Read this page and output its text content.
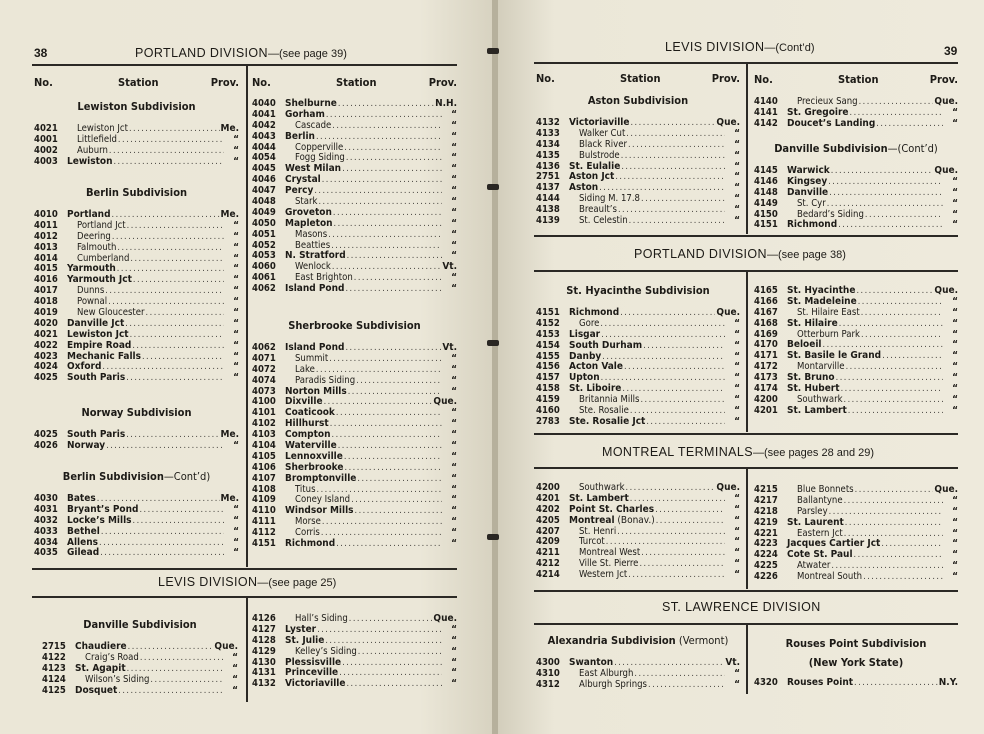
38	PORTLAND DIVISION—(see page 39)
No.	Station	Prov.
Lewiston Subdivision
4021	Lewiston Jct .....	Me.
4001	Littlefield .....	“
4002	Auburn .....	“
4003 Lewiston .....	“
Berlin Subdivision
4010 Portland .....	Me.
4011	Portland Jct .....	“
4012	Deering .....	“
4013	Falmouth .....	“
4014	Cumberland .....	“
4015 Yarmouth .....	“
4016 Yarmouth Jct .....	“
4017	Dunns .....	“
4018	Pownal .....	“
4019	New Gloucester .....	“
4020 Danville Jct .....	“
4021 Lewiston Jct .....	“
4022 Empire Road .....	“
4023 Mechanic Falls .....	“
4024 Oxford .....	“
4025 South Paris .....	“
Norway Subdivision
4025 South Paris .....	Me.
4026 Norway .....	“
Berlin Subdivision—Cont’d)
4030 Bates .....	Me.
4031 Bryant’s Pond .....	“
4032 Locke’s Mills .....	“
4033 Bethel .....	“
4034 Allens .....	“
4035 Gilead .....	“
No.	Station	Prov.
4040 Shelburne .....	N.H.
4041 Gorham .....	“
4042	Cascade .....	“
4043 Berlin .....	“
4044	Copperville .....	“
4054	Fogg Siding .....	“
4045 West Milan .....	“
4046 Crystal .....	“
4047 Percy .....	“
4048	Stark .....	“
4049 Groveton .....	“
4050 Mapleton .....	“
4051	Masons .....	“
4052	Beatties .....	“
4053 N. Stratford .....	“
4060	Wenlock .....	Vt.
4061	East Brighton .....	“
4062 Island Pond .....	“
Sherbrooke Subdivision
4062 Island Pond .....	Vt.
4071	Summit .....	“
4072	Lake .....	“
4074	Paradis Siding .....	“
4073 Norton Mills .....	“
4100 Dixville .....	Que.
4101 Coaticook .....	“
4102 Hillhurst .....	“
4103 Compton .....	“
4104 Waterville .....	“
4105 Lennoxville .....	“
4106 Sherbrooke .....	“
4107 Bromptonville .....	“
4108	Titus .....	“
4109	Coney Island .....	“
4110 Windsor Mills .....	“
4111	Morse .....	“
4112	Corris .....	“
4151 Richmond .....	“
LEVIS DIVISION—(see page 25)
Danville Subdivision
2715 Chaudiere .....	Que.
4122	Craig’s Road .....	“
4123 St. Agapit .....	“
4124	Wilson’s Siding .....	“
4125 Dosquet .....	“
4126	Hall’s Siding .....	Que.
4127 Lyster .....	“
4128 St. Julie .....	“
4129	Kelley’s Siding .....	“
4130 Plessisville .....	“
4131 Princeville .....	“
4132 Victoriaville .....	“
LEVIS DIVISION—(Cont’d)	39
No.	Station	Prov.
Aston Subdivision
4132 Victoriaville .....	Que.
4133	Walker Cut .....	“
4134	Black River .....	“
4135	Bulstrode .....	“
4136 St. Eulalie .....	“
2751 Aston Jct .....	“
4137 Aston .....	“
4144	Siding M. 17.8 .....	“
4138	Breault’s .....	“
4139	St. Celestin .....	“
No.	Station	Prov.
4140	Precieux Sang .....	Que.
4141 St. Gregoire .....	“
4142 Doucet’s Landing .....	“
Danville Subdivision—(Cont’d)
4145 Warwick .....	Que.
4146 Kingsey .....	“
4148 Danville .....	“
4149	St. Cyr .....	“
4150	Bedard’s Siding .....	“
4151 Richmond .....	“
PORTLAND DIVISION—(see page 38)
St. Hyacinthe Subdivision
4151 Richmond .....	Que.
4152	Gore .....	“
4153 Lisgar .....	“
4154 South Durham .....	“
4155 Danby .....	“
4156 Acton Vale .....	“
4157 Upton .....	“
4158 St. Liboire .....	“
4159	Britannia Mills .....	“
4160	Ste. Rosalie .....	“
2783 Ste. Rosalie Jct .....	“
4165 St. Hyacinthe .....	Que.
4166 St. Madeleine .....	“
4167	St. Hilaire East .....	“
4168 St. Hilaire .....	“
4169	Otterburn Park .....	“
4170 Beloeil .....	“
4171 St. Basile le Grand .....	“
4172	Montarville .....	“
4173 St. Bruno .....	“
4174 St. Hubert .....	“
4200	Southwark .....	“
4201 St. Lambert .....	“
MONTREAL TERMINALS—(see pages 28 and 29)
4200	Southwark .....	Que.
4201 St. Lambert .....	“
4202 Point St. Charles .....	“
4205 Montreal (Bonav.) .....	“
4207	St. Henri .....	“
4209	Turcot .....	“
4211	Montreal West .....	“
4212	Ville St. Pierre .....	“
4214	Western Jct .....	“
4215	Blue Bonnets .....	Que.
4217	Ballantyne .....	“
4218	Parsley .....	“
4219 St. Laurent .....	“
4221	Eastern Jct .....	“
4223 Jacques Cartier Jct .....	“
4224 Cote St. Paul .....	“
4225	Atwater .....	“
4226	Montreal South .....	“
ST. LAWRENCE DIVISION
Alexandria Subdivision (Vermont)
4300 Swanton .....	Vt.
4310	East Alburgh .....	“
4312	Alburgh Springs .....	“
Rouses Point Subdivision
(New York State)
4320 Rouses Point .....	N.Y.
